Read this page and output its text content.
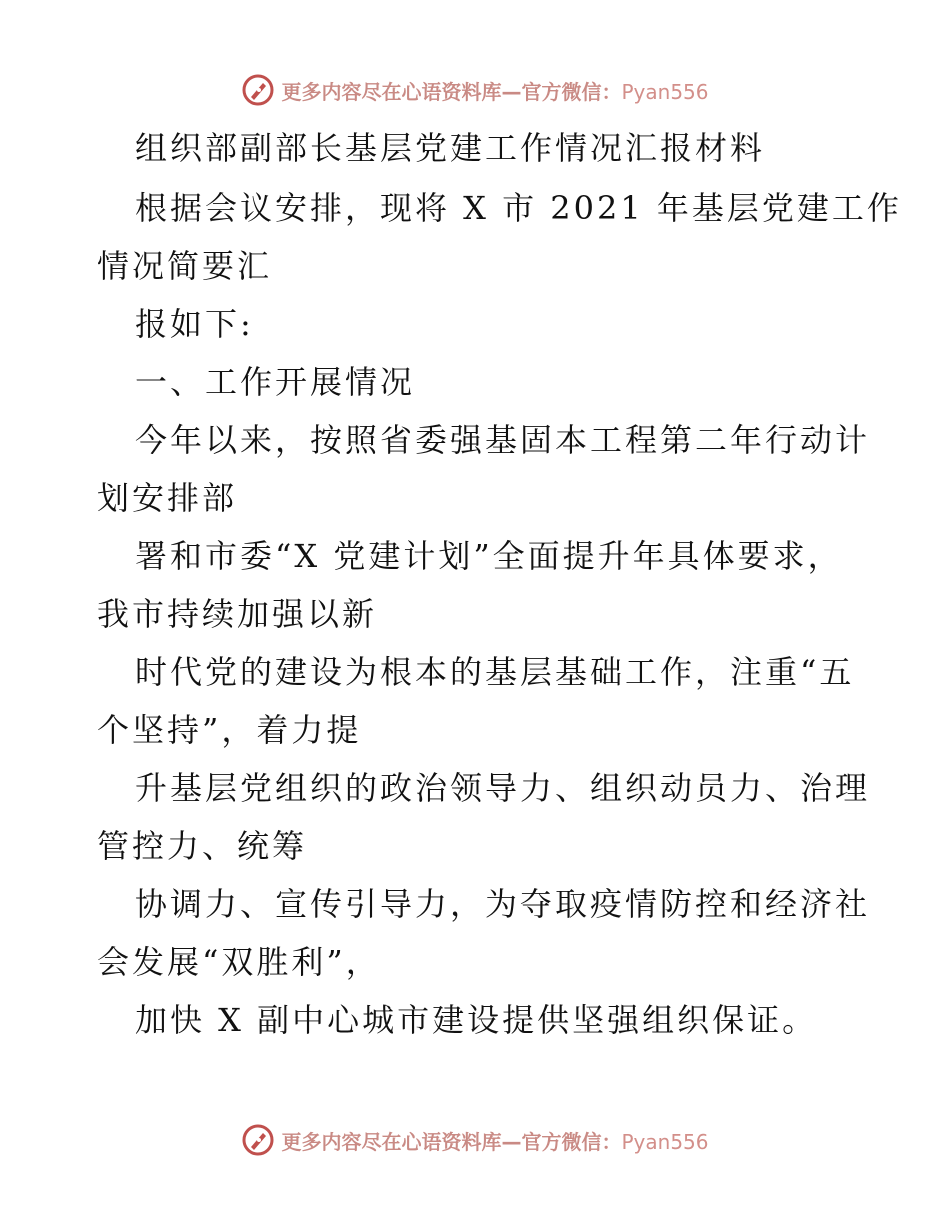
更多内容尽在心语资料库—官方微信：Pyan556
组织部副部长基层党建工作情况汇报材料
根据会议安排，现将 X 市 2021 年基层党建工作
情况简要汇
报如下:
一、工作开展情况
今年以来，按照省委强基固本工程第二年行动计
划安排部
署和市委“X 党建计划”全面提升年具体要求，
我市持续加强以新
时代党的建设为根本的基层基础工作，注重“五
个坚持”，着力提
升基层党组织的政治领导力、组织动员力、治理
管控力、统筹
协调力、宣传引导力，为夺取疫情防控和经济社
会发展“双胜利”，
加快 X 副中心城市建设提供坚强组织保证。
更多内容尽在心语资料库—官方微信：Pyan556
